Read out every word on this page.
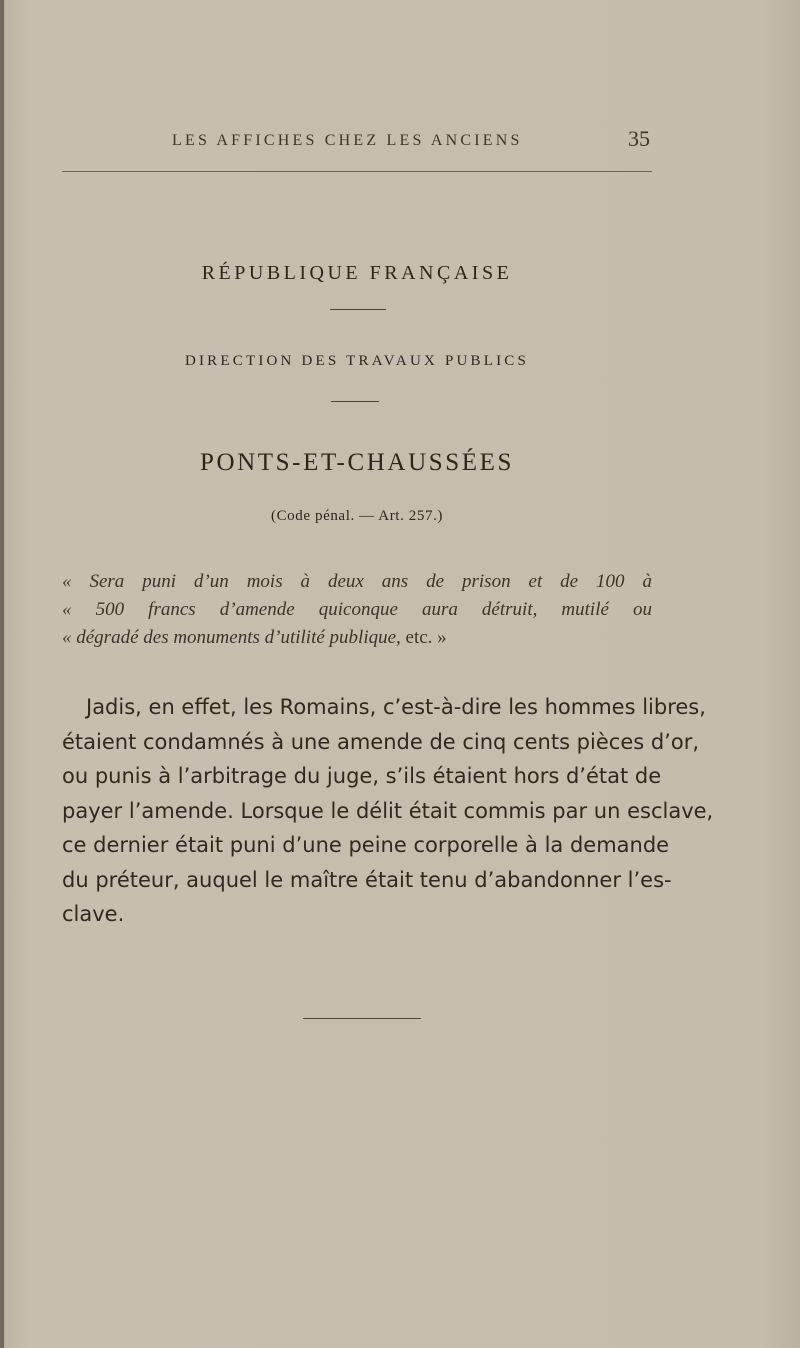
LES AFFICHES CHEZ LES ANCIENS	35
RÉPUBLIQUE FRANÇAISE
DIRECTION DES TRAVAUX PUBLICS
PONTS-ET-CHAUSSÉES
(Code pénal. — Art. 257.)
« Sera puni d’un mois à deux ans de prison et de 100 à
« 500 francs d’amende quiconque aura détruit, mutilé ou
« dégradé des monuments d’utilité publique, etc. »
Jadis, en effet, les Romains, c’est-à-dire les hommes libres,
étaient condamnés à une amende de cinq cents pièces d’or,
ou punis à l’arbitrage du juge, s’ils étaient hors d’état de
payer l’amende. Lorsque le délit était commis par un esclave,
ce dernier était puni d’une peine corporelle à la demande
du préteur, auquel le maître était tenu d’abandonner l’es-
clave.
